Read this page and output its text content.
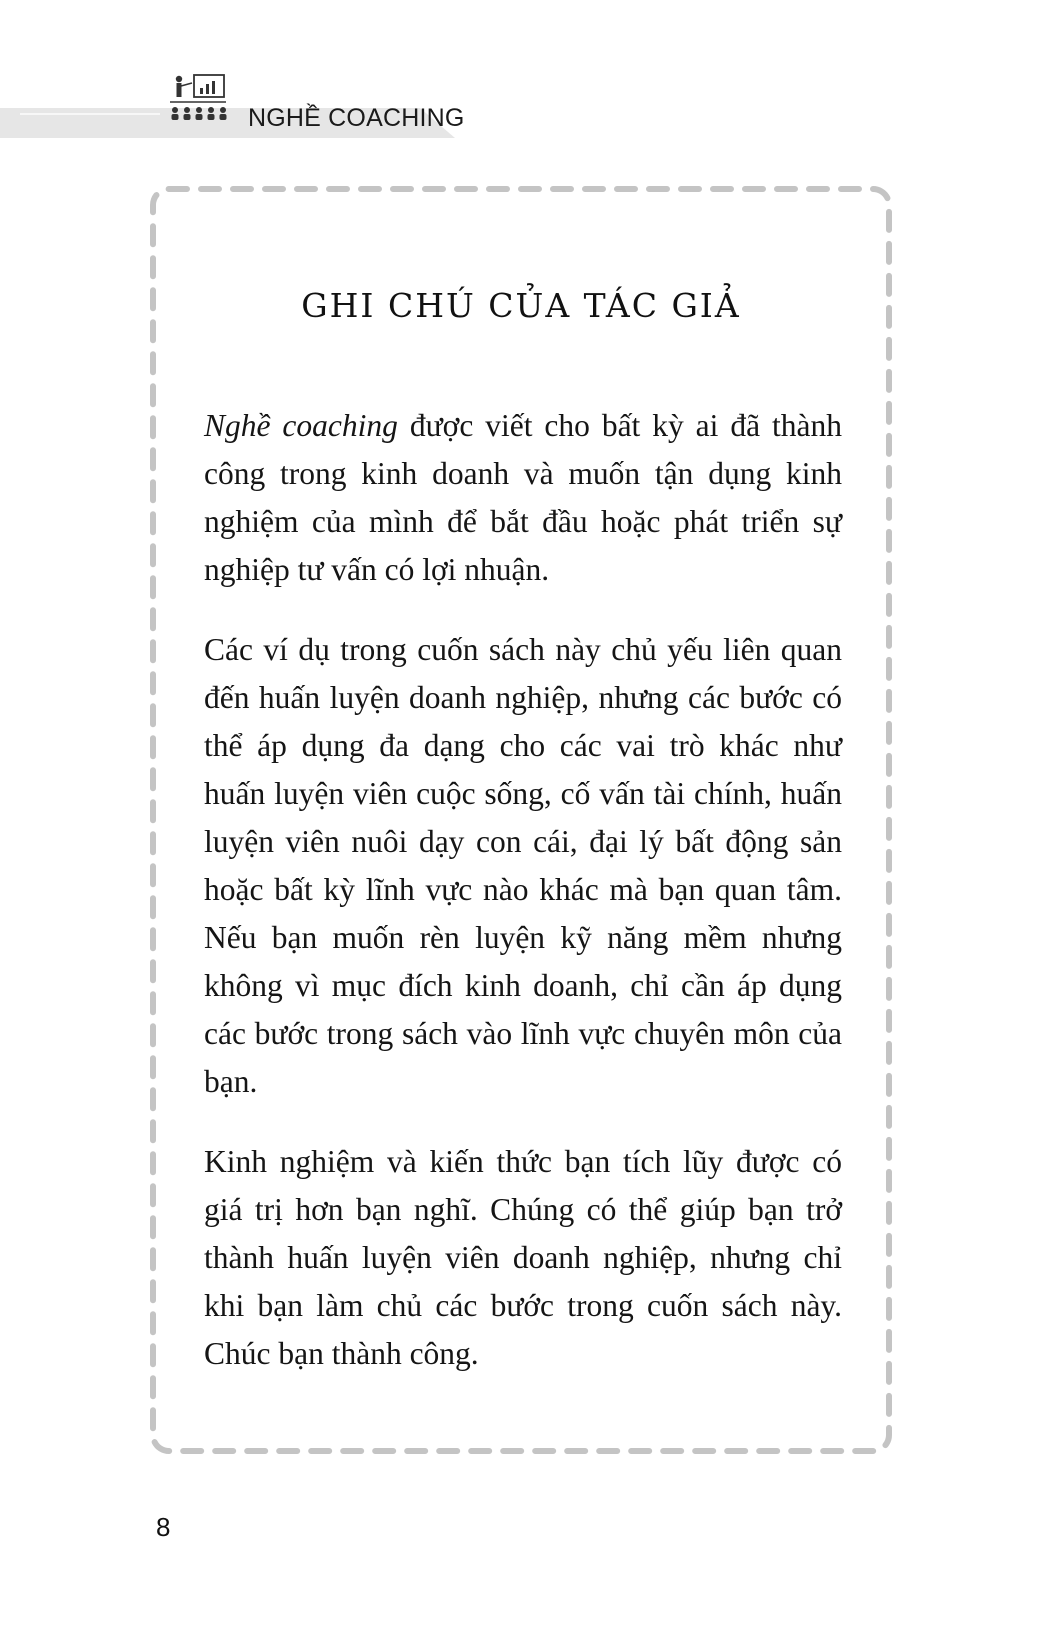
NGHỀ COACHING
GHI CHÚ CỦA TÁC GIẢ

Nghề coaching được viết cho bất kỳ ai đã thành công trong kinh doanh và muốn tận dụng kinh nghiệm của mình để bắt đầu hoặc phát triển sự nghiệp tư vấn có lợi nhuận.

Các ví dụ trong cuốn sách này chủ yếu liên quan đến huấn luyện doanh nghiệp, nhưng các bước có thể áp dụng đa dạng cho các vai trò khác như huấn luyện viên cuộc sống, cố vấn tài chính, huấn luyện viên nuôi dạy con cái, đại lý bất động sản hoặc bất kỳ lĩnh vực nào khác mà bạn quan tâm. Nếu bạn muốn rèn luyện kỹ năng mềm nhưng không vì mục đích kinh doanh, chỉ cần áp dụng các bước trong sách vào lĩnh vực chuyên môn của bạn.

Kinh nghiệm và kiến thức bạn tích lũy được có giá trị hơn bạn nghĩ. Chúng có thể giúp bạn trở thành huấn luyện viên doanh nghiệp, nhưng chỉ khi bạn làm chủ các bước trong cuốn sách này. Chúc bạn thành công.

8
